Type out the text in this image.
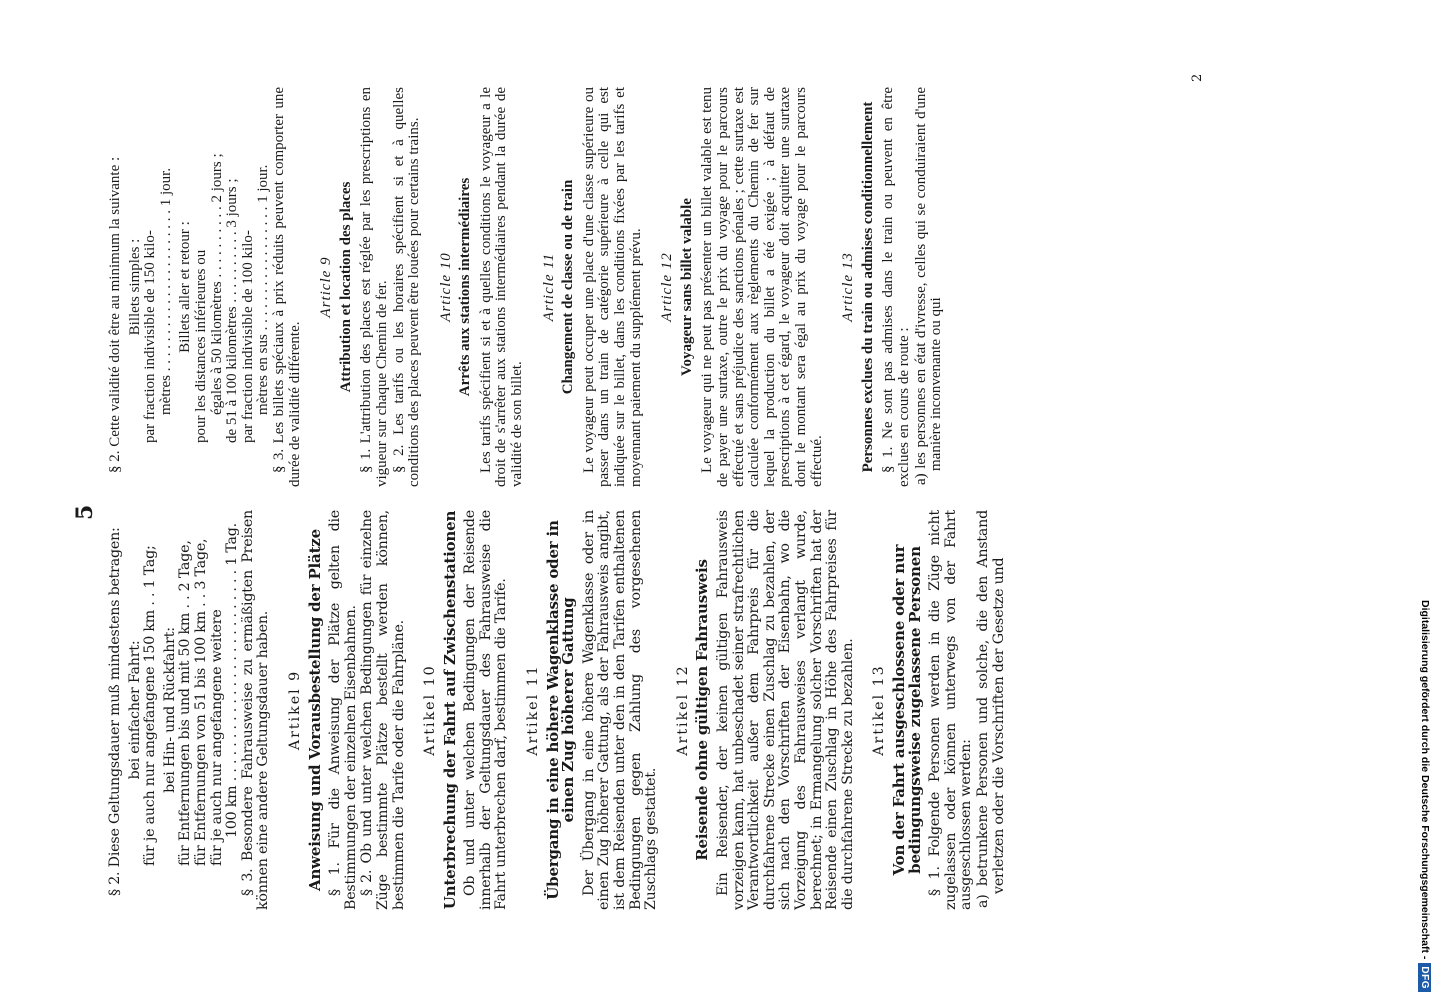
5

§ 2. Diese Geltungsdauer muß mindestens betragen: bei einfacher Fahrt: für je auch nur angefangene 150 km . . 1 Tag; bei Hin- und Rückfahrt: für Entfernungen bis und mit 50 km . . 2 Tage, für Entfernungen von 51 bis 100 km . . 3 Tage, für je auch nur angefangene weitere 100 km . . . . . . . . . . . . . . . . . . . . . . . . . 1 Tag. § 3. Besondere Fahrausweise zu ermäßigten Preisen können eine andere Geltungsdauer haben. Artikel 9 Anweisung und Vorausbestellung der Plätze § 1. Für die Anweisung der Plätze gelten die Bestimmungen der einzelnen Eisenbahnen. § 2. Ob und unter welchen Bedingungen für einzelne Züge bestimmte Plätze bestellt werden können, bestimmen die Tarife oder die Fahrpläne. Artikel 10 Unterbrechung der Fahrt auf Zwischenstationen Ob und unter welchen Bedingungen der Reisende innerhalb der Geltungsdauer des Fahrausweise die Fahrt unterbrechen darf, bestimmen die Tarife. Artikel 11 Übergang in eine höhere Wagenklasse oder in einen Zug höherer Gattung Der Übergang in eine höhere Wagenklasse oder in einen Zug höherer Gattung, als der Fahrausweis angibt, ist dem Reisenden unter den in den Tarifen enthaltenen Bedingungen gegen Zahlung des vorgesehenen Zuschlags gestattet.

Artikel 12 Reisende ohne gültigen Fahrausweis Ein Reisender, der keinen gültigen Fahrausweis vorzeigen kann, hat unbeschadet seiner strafrechtlichen Verantwortlichkeit außer dem Fahrpreis für die durchfahrene Strecke einen Zuschlag zu bezahlen, der sich nach den Vorschriften der Eisenbahn, wo die Vorzeigung des Fahrausweises verlangt wurde, berechnet; in Ermangelung solcher Vorschriften hat der Reisende einen Zuschlag in Höhe des Fahrpreises für die durchfahrene Strecke zu bezahlen. Artikel 13 Von der Fahrt ausgeschlossene oder nur bedingungsweise zugelassene Personen § 1. Folgende Personen werden in die Züge nicht zugelassen oder können unterwegs von der Fahrt ausgeschlossen werden: a) betrunkene Personen und solche, die den Anstand verletzen oder die Vorschriften der Gesetze und

§ 2. Cette validité doit être au minimum la suivante : Billets simples : par fraction indivisible de 150 kilo- mètres . . . . . . . . . . . . . . . . . . . . . . 1 jour. Billets aller et retour : pour les distances inférieures ou égales à 50 kilomètres . . . . . . . . . . 2 jours ; de 51 à 100 kilomètres . . . . . . . . . . 3 jours ; par fraction indivisible de 100 kilo- mètres en sus . . . . . . . . . . . . . . . . . 1 jour. § 3. Les billets spéciaux à prix réduits peuvent comporter une durée de validité différente.

Article 9 Attribution et location des places § 1. L'attribution des places est réglée par les prescriptions en vigueur sur chaque Chemin de fer. § 2. Les tarifs ou les horaires spécifient si et à quelles conditions des places peuvent être louées pour certains trains. Article 10 Arrêts aux stations intermédiaires Les tarifs spécifient si et à quelles conditions le voyageur a le droit de s'arrêter aux stations intermédiaires pendant la durée de validité de son billet.

Article 11 Changement de classe ou de train Le voyageur peut occuper une place d'une classe supérieure ou passer dans un train de catégorie supérieure à celle qui est indiquée sur le billet, dans les conditions fixées par les tarifs et moyennant paiement du supplément prévu. Article 12 Voyageur sans billet valable Le voyageur qui ne peut pas présenter un billet valable est tenu de payer une surtaxe, outre le prix du voyage pour le parcours effectué et sans préjudice des sanctions pénales ; cette surtaxe est calculée conformément aux règlements du Chemin de fer sur lequel la production du billet a été exigée ; à défaut de prescriptions à cet égard, le voyageur doit acquitter une surtaxe dont le montant sera égal au prix du voyage pour le parcours effectué.

Article 13 Personnes exclues du train ou admises conditionnellement § 1. Ne sont pas admises dans le train ou peuvent en être exclues en cours de route : a) les personnes en état d'ivresse, celles qui se conduiraient d'une manière inconvenante ou qui

2
Digitalisierung gefördert durch die Deutsche Forschungsgemeinschaft -
DFG
